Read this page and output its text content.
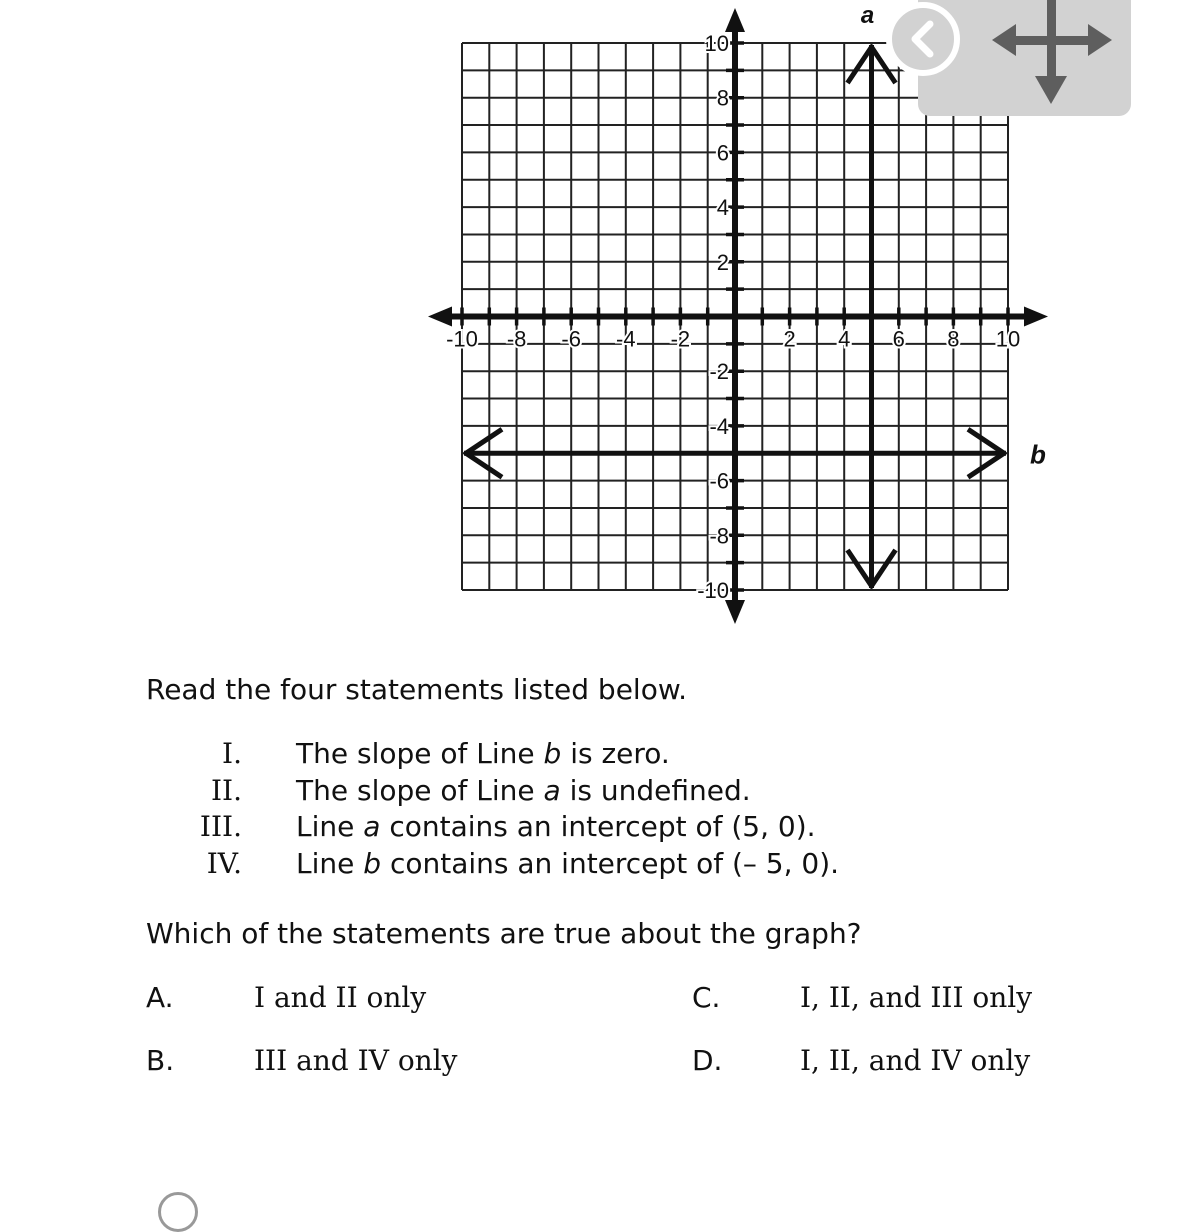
-10 -8 -6 -4 -2	2 4 6 8 10
10
8
6
4
2
-2
-4
-6
-8
-10
a
b
Read the four statements listed below.
I. The slope of Line b is zero.
II. The slope of Line a is undefined.
III. Line a contains an intercept of (5, 0).
IV. Line b contains an intercept of (– 5, 0).
Which of the statements are true about the graph?
A.	I and II only
B.	III and IV only
C.	I, II, and III only
D.	I, II, and IV only
